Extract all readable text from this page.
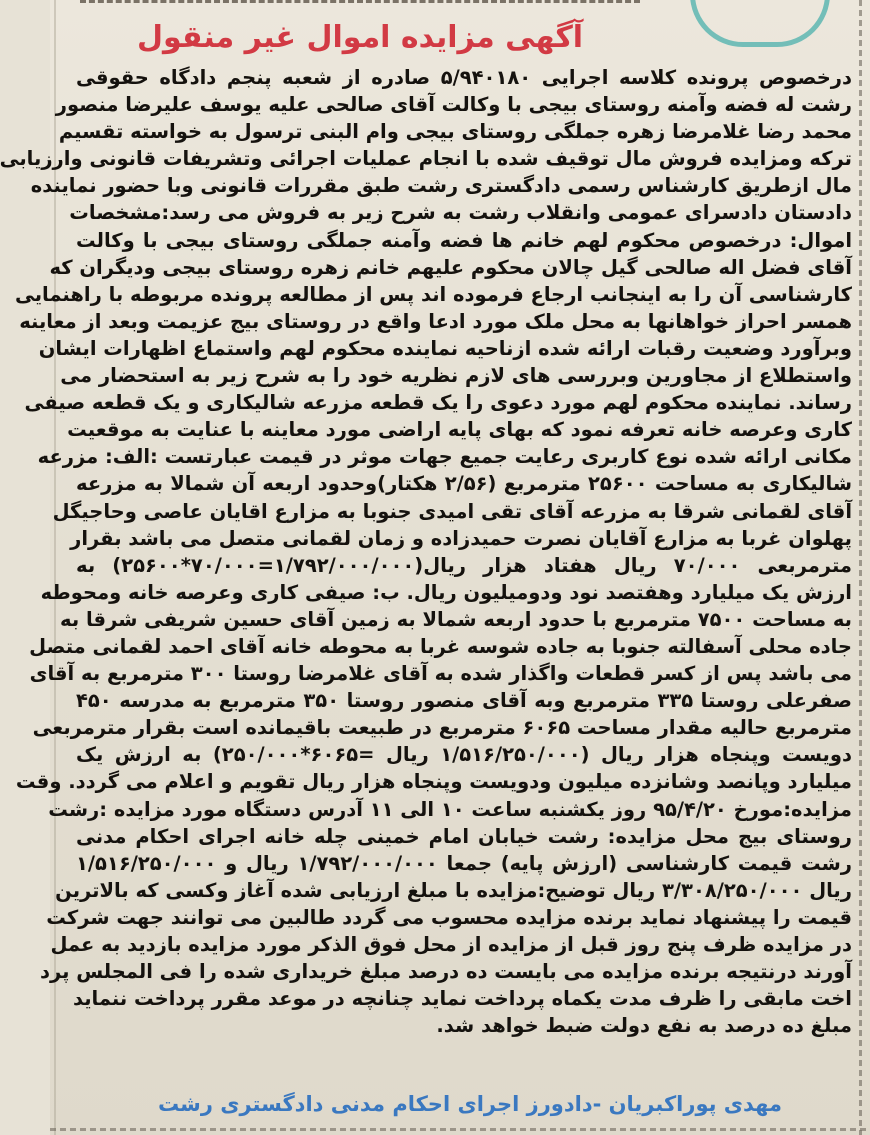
آگهی مزایده اموال غیر منقول
درخصوص پرونده کلاسه اجرایی ۵/۹۴۰۱۸۰ صادره از شعبه پنجم دادگاه حقوقی
رشت له فضه وآمنه روستای بیجی با وکالت آقای صالحی علیه یوسف علیرضا منصور
محمد رضا غلامرضا زهره جملگی روستای بیجی وام البنی ترسول به خواسته تقسیم
ترکه ومزایده فروش مال توقیف شده با انجام عملیات اجرائی وتشریفات قانونی وارزیابی
مال ازطریق کارشناس رسمی دادگستری رشت طبق مقررات قانونی وبا حضور نماینده
دادستان دادسرای عمومی وانقلاب رشت به شرح زیر به فروش می رسد:مشخصات
اموال: درخصوص محکوم لهم خانم ها فضه وآمنه جملگی روستای بیجی با وکالت
آقای فضل اله صالحی گیل چالان محکوم علیهم خانم زهره روستای بیجی ودیگران که
کارشناسی آن را به اینجانب ارجاع فرموده اند پس از مطالعه پرونده مربوطه با راهنمایی
همسر احراز خواهانها به محل ملک مورد ادعا واقع در روستای بیج عزیمت وبعد از معاینه
وبرآورد وضعیت رقبات ارائه شده ازناحیه نماینده محکوم لهم واستماع اظهارات ایشان
واستطلاع از مجاورین وبررسی های لازم نظریه خود را به شرح زیر به استحضار می
رساند. نماینده محکوم لهم مورد دعوی را یک قطعه مزرعه شالیکاری و یک قطعه صیفی
کاری وعرصه خانه تعرفه نمود که بهای پایه اراضی مورد معاینه با عنایت به موقعیت
مکانی ارائه شده نوع کاربری رعایت جمیع جهات موثر در قیمت عبارتست :الف: مزرعه
شالیکاری به مساحت ۲۵۶۰۰ مترمربع (۲/۵۶ هکتار)وحدود اربعه آن شمالا به مزرعه
آقای لقمانی شرقا به مزرعه آقای تقی امیدی جنوبا به مزارع اقایان عاصی وحاجیگل
پهلوان غربا به مزارع آقایان نصرت حمیدزاده و زمان لقمانی متصل می باشد بقرار
مترمربعی ۷۰/۰۰۰ ریال هفتاد هزار ریال(۱/۷۹۲/۰۰۰/۰۰۰=۷۰/۰۰۰*۲۵۶۰۰) به
ارزش یک میلیارد وهفتصد نود ودومیلیون ریال. ب: صیفی کاری وعرصه خانه ومحوطه
به مساحت ۷۵۰۰ مترمربع با حدود اربعه شمالا به زمین آقای حسین شریفی شرقا به
جاده محلی آسفالته جنوبا به جاده شوسه غربا به محوطه خانه آقای احمد لقمانی متصل
می باشد پس از کسر قطعات واگذار شده به آقای غلامرضا روستا ۳۰۰ مترمربع به آقای
صفرعلی روستا ۳۳۵ مترمربع وبه آقای منصور روستا ۳۵۰ مترمربع به مدرسه ۴۵۰
مترمربع حالیه مقدار مساحت ۶۰۶۵ مترمربع در طبیعت باقیمانده است بقرار مترمربعی
دویست وپنجاه هزار ریال (۱/۵۱۶/۲۵۰/۰۰۰ ریال =۶۰۶۵*۲۵۰/۰۰۰) به ارزش یک
میلیارد وپانصد وشانزده میلیون ودویست وپنجاه هزار ریال تقویم و اعلام می گردد. وقت
مزایده:مورخ ۹۵/۴/۲۰ روز یکشنبه ساعت ۱۰ الی ۱۱ آدرس دستگاه مورد مزایده :رشت
روستای بیج محل مزایده: رشت خیابان امام خمینی چله خانه اجرای احکام مدنی
رشت قیمت کارشناسی (ارزش پایه) جمعا ۱/۷۹۲/۰۰۰/۰۰۰ ریال و ۱/۵۱۶/۲۵۰/۰۰۰
ریال ۳/۳۰۸/۲۵۰/۰۰۰ ریال توضیح:مزایده با مبلغ ارزیابی شده آغاز وکسی که بالاترین
قیمت را پیشنهاد نماید برنده مزایده محسوب می گردد طالبین می توانند جهت شرکت
در مزایده ظرف پنج روز قبل از مزایده از محل فوق الذکر مورد مزایده بازدید به عمل
آورند درنتیجه برنده مزایده می بایست ده درصد مبلغ خریداری شده را فی المجلس پرد
اخت مابقی را ظرف مدت یکماه پرداخت نماید چنانچه در موعد مقرر پرداخت ننماید
مبلغ ده درصد به نفع دولت ضبط خواهد شد.
مهدی پوراکبریان -دادورز اجرای احکام مدنی دادگستری رشت
